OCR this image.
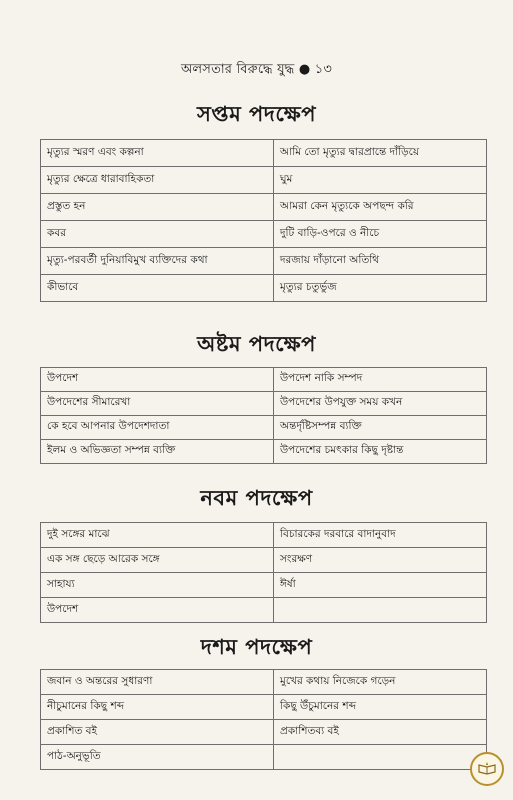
অলসতার বিরুদ্ধে যুদ্ধ ● ১৩
সপ্তম পদক্ষেপ
মৃত্যুর স্মরণ এবং কল্পনা	আমি তো মৃত্যুর দ্বারপ্রান্তে দাঁড়িয়ে
মৃত্যুর ক্ষেত্রে ধারাবাহিকতা	ঘুম
প্রস্তুত হন	আমরা কেন মৃত্যুকে অপছন্দ করি
কবর	দুটি বাড়ি-ওপরে ও নীচে
মৃত্যু-পরবর্তী দুনিয়াবিমুখ ব্যক্তিদের কথা	দরজায় দাঁড়ানো অতিথি
কীভাবে	মৃত্যুর চতুর্ভুজ
অষ্টম পদক্ষেপ
উপদেশ	উপদেশ নাকি সম্পদ
উপদেশের সীমারেখা	উপদেশের উপযুক্ত সময় কখন
কে হবে আপনার উপদেশদাতা	অন্তর্দৃষ্টিসম্পন্ন ব্যক্তি
ইলম ও অভিজ্ঞতা সম্পন্ন ব্যক্তি	উপদেশের চমৎকার কিছু দৃষ্টান্ত
নবম পদক্ষেপ
দুই সঙ্গের মাঝে	বিচারকের দরবারে বাদানুবাদ
এক সঙ্গ ছেড়ে আরেক সঙ্গে	সংরক্ষণ
সাহায্য	ঈর্ষা
উপদেশ	
দশম পদক্ষেপ
জবান ও অন্তরের সুধারণা	মুখের কথায় নিজেকে গড়েন
নীচুমানের কিছু শব্দ	কিছু উঁচুমানের শব্দ
প্রকাশিত বই	প্রকাশিতব্য বই
পাঠ-অনুভূতি	
